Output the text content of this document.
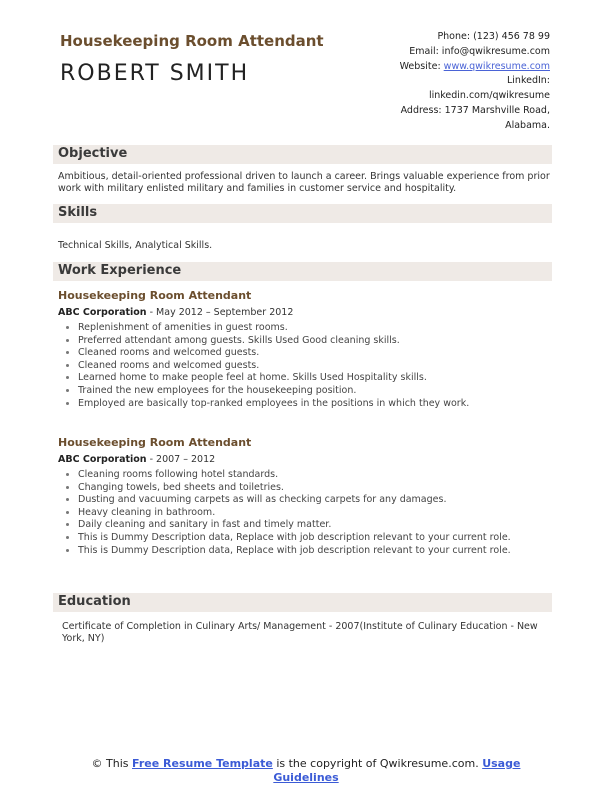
Housekeeping Room Attendant
ROBERT SMITH
Phone: (123) 456 78 99
Email: info@qwikresume.com
Website: www.qwikresume.com
LinkedIn:
linkedin.com/qwikresume
Address: 1737 Marshville Road,
Alabama.
Objective
Ambitious, detail-oriented professional driven to launch a career. Brings valuable experience from prior work with military enlisted military and families in customer service and hospitality.
Skills
Technical Skills, Analytical Skills.
Work Experience
Housekeeping Room Attendant
ABC Corporation - May 2012 – September 2012
• Replenishment of amenities in guest rooms.
• Preferred attendant among guests. Skills Used Good cleaning skills.
• Cleaned rooms and welcomed guests.
• Cleaned rooms and welcomed guests.
• Learned home to make people feel at home. Skills Used Hospitality skills.
• Trained the new employees for the housekeeping position.
• Employed are basically top-ranked employees in the positions in which they work.
Housekeeping Room Attendant
ABC Corporation - 2007 – 2012
• Cleaning rooms following hotel standards.
• Changing towels, bed sheets and toiletries.
• Dusting and vacuuming carpets as will as checking carpets for any damages.
• Heavy cleaning in bathroom.
• Daily cleaning and sanitary in fast and timely matter.
• This is Dummy Description data, Replace with job description relevant to your current role.
• This is Dummy Description data, Replace with job description relevant to your current role.
Education
Certificate of Completion in Culinary Arts/ Management - 2007(Institute of Culinary Education - New York, NY)
© This Free Resume Template is the copyright of Qwikresume.com. Usage Guidelines
